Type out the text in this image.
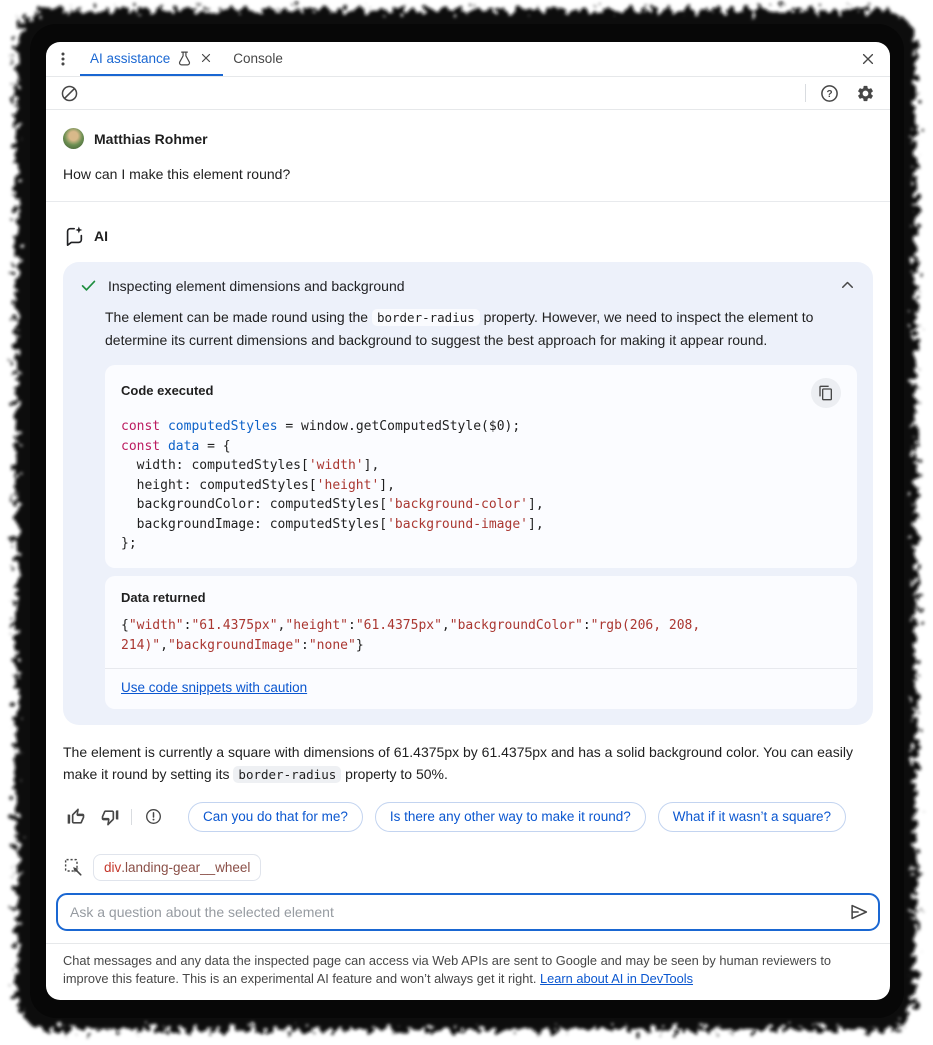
AI assistance	Console
?
Matthias Rohmer
How can I make this element round?
AI
Inspecting element dimensions and background

The element can be made round using the border-radius property. However, we need to inspect the element to determine its current dimensions and background to suggest the best approach for making it appear round.

Code executed
const computedStyles = window.getComputedStyle($0);
const data = {
width: computedStyles['width'],
height: computedStyles['height'],
backgroundColor: computedStyles['background-color'],
backgroundImage: computedStyles['background-image'],
};
Data returned
{"width":"61.4375px","height":"61.4375px","backgroundColor":"rgb(206, 208, 214)","backgroundImage":"none"}
Use code snippets with caution

The element is currently a square with dimensions of 61.4375px by 61.4375px and has a solid background color. You can easily make it round by setting its border-radius property to 50%.

Can you do that for me?	Is there any other way to make it round?	What if it wasn’t a square?
div .landing-gear__wheel
Ask a question about the selected element
Chat messages and any data the inspected page can access via Web APIs are sent to Google and may be seen by human reviewers to improve this feature. This is an experimental AI feature and won’t always get it right. Learn about AI in DevTools
